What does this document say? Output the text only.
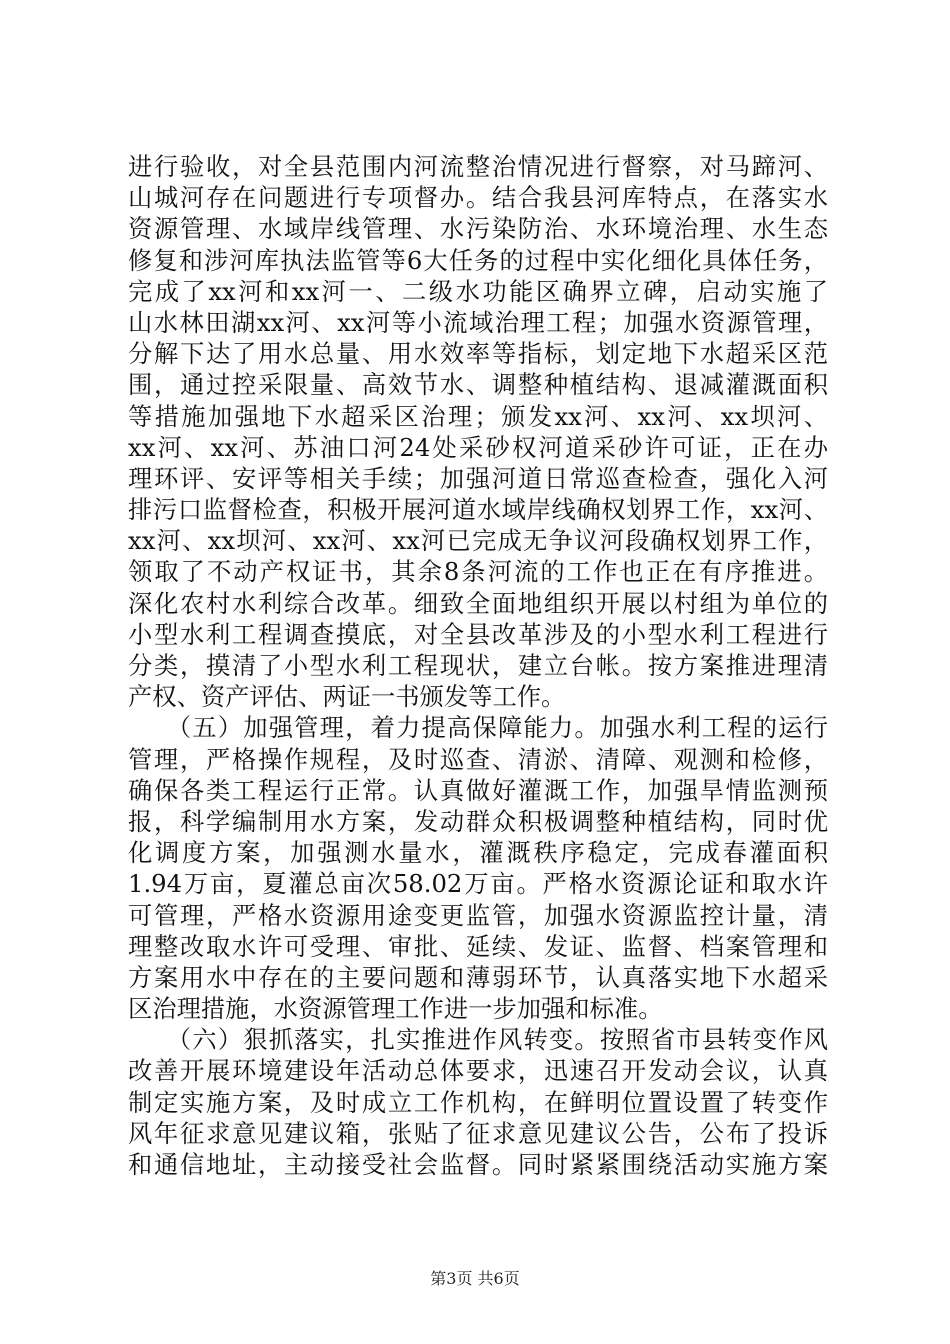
进行验收，对全县范围内河流整治情况进行督察，对马蹄河、
山城河存在问题进行专项督办。结合我县河库特点，在落实水
资源管理、水域岸线管理、水污染防治、水环境治理、水生态
修复和涉河库执法监管等6大任务的过程中实化细化具体任务，
完成了xx河和xx河一、二级水功能区确界立碑，启动实施了
山水林田湖xx河、xx河等小流域治理工程；加强水资源管理，
分解下达了用水总量、用水效率等指标，划定地下水超采区范
围，通过控采限量、高效节水、调整种植结构、退减灌溉面积
等措施加强地下水超采区治理；颁发xx河、xx河、xx坝河、
xx河、xx河、苏油口河24处采砂权河道采砂许可证，正在办
理环评、安评等相关手续；加强河道日常巡查检查，强化入河
排污口监督检查，积极开展河道水域岸线确权划界工作，xx河、
xx河、xx坝河、xx河、xx河已完成无争议河段确权划界工作，
领取了不动产权证书，其余8条河流的工作也正在有序推进。
深化农村水利综合改革。细致全面地组织开展以村组为单位的
小型水利工程调查摸底，对全县改革涉及的小型水利工程进行
分类，摸清了小型水利工程现状，建立台帐。按方案推进理清
产权、资产评估、两证一书颁发等工作。
　　（五）加强管理，着力提高保障能力。加强水利工程的运行
管理，严格操作规程，及时巡查、清淤、清障、观测和检修，
确保各类工程运行正常。认真做好灌溉工作，加强旱情监测预
报，科学编制用水方案，发动群众积极调整种植结构，同时优
化调度方案，加强测水量水，灌溉秩序稳定，完成春灌面积
1.94万亩，夏灌总亩次58.02万亩。严格水资源论证和取水许
可管理，严格水资源用途变更监管，加强水资源监控计量，清
理整改取水许可受理、审批、延续、发证、监督、档案管理和
方案用水中存在的主要问题和薄弱环节，认真落实地下水超采
区治理措施，水资源管理工作进一步加强和标准。
　　（六）狠抓落实，扎实推进作风转变。按照省市县转变作风
改善开展环境建设年活动总体要求，迅速召开发动会议，认真
制定实施方案，及时成立工作机构，在鲜明位置设置了转变作
风年征求意见建议箱，张贴了征求意见建议公告，公布了投诉
和通信地址，主动接受社会监督。同时紧紧围绕活动实施方案
第3页 共6页
